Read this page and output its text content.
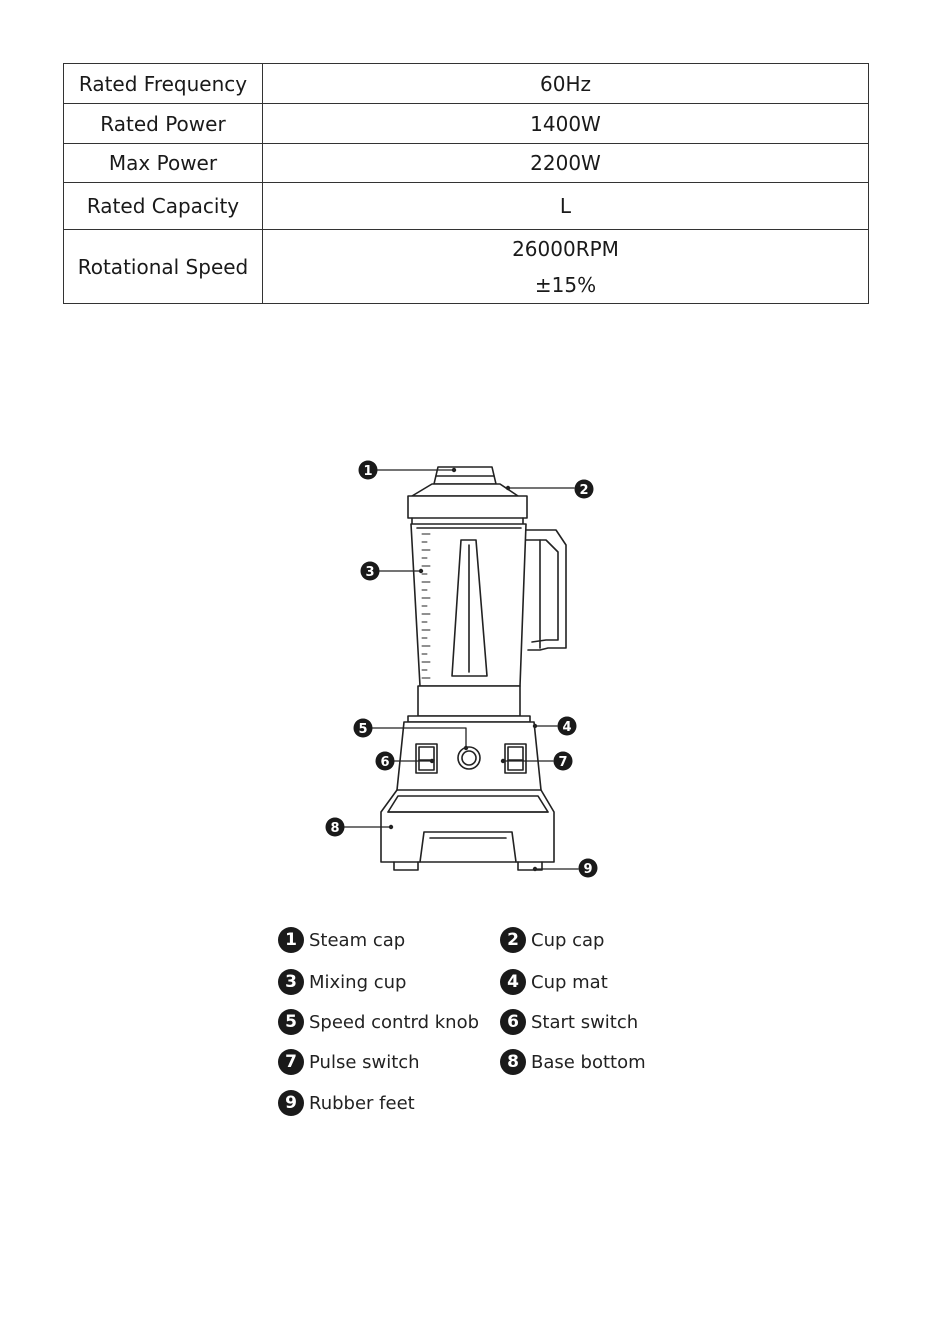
Rated Frequency	60Hz
Rated Power	1400W
Max Power	2200W
Rated Capacity	L
Rotational Speed	26000RPM
±15%
1
2
3
4
5
6	7
8
9
1 Steam cap	2 Cup cap
3 Mixing cup	4 Cup mat
5 Speed contrd knob	6 Start switch
7 Pulse switch	8 Base bottom
9 Rubber feet
